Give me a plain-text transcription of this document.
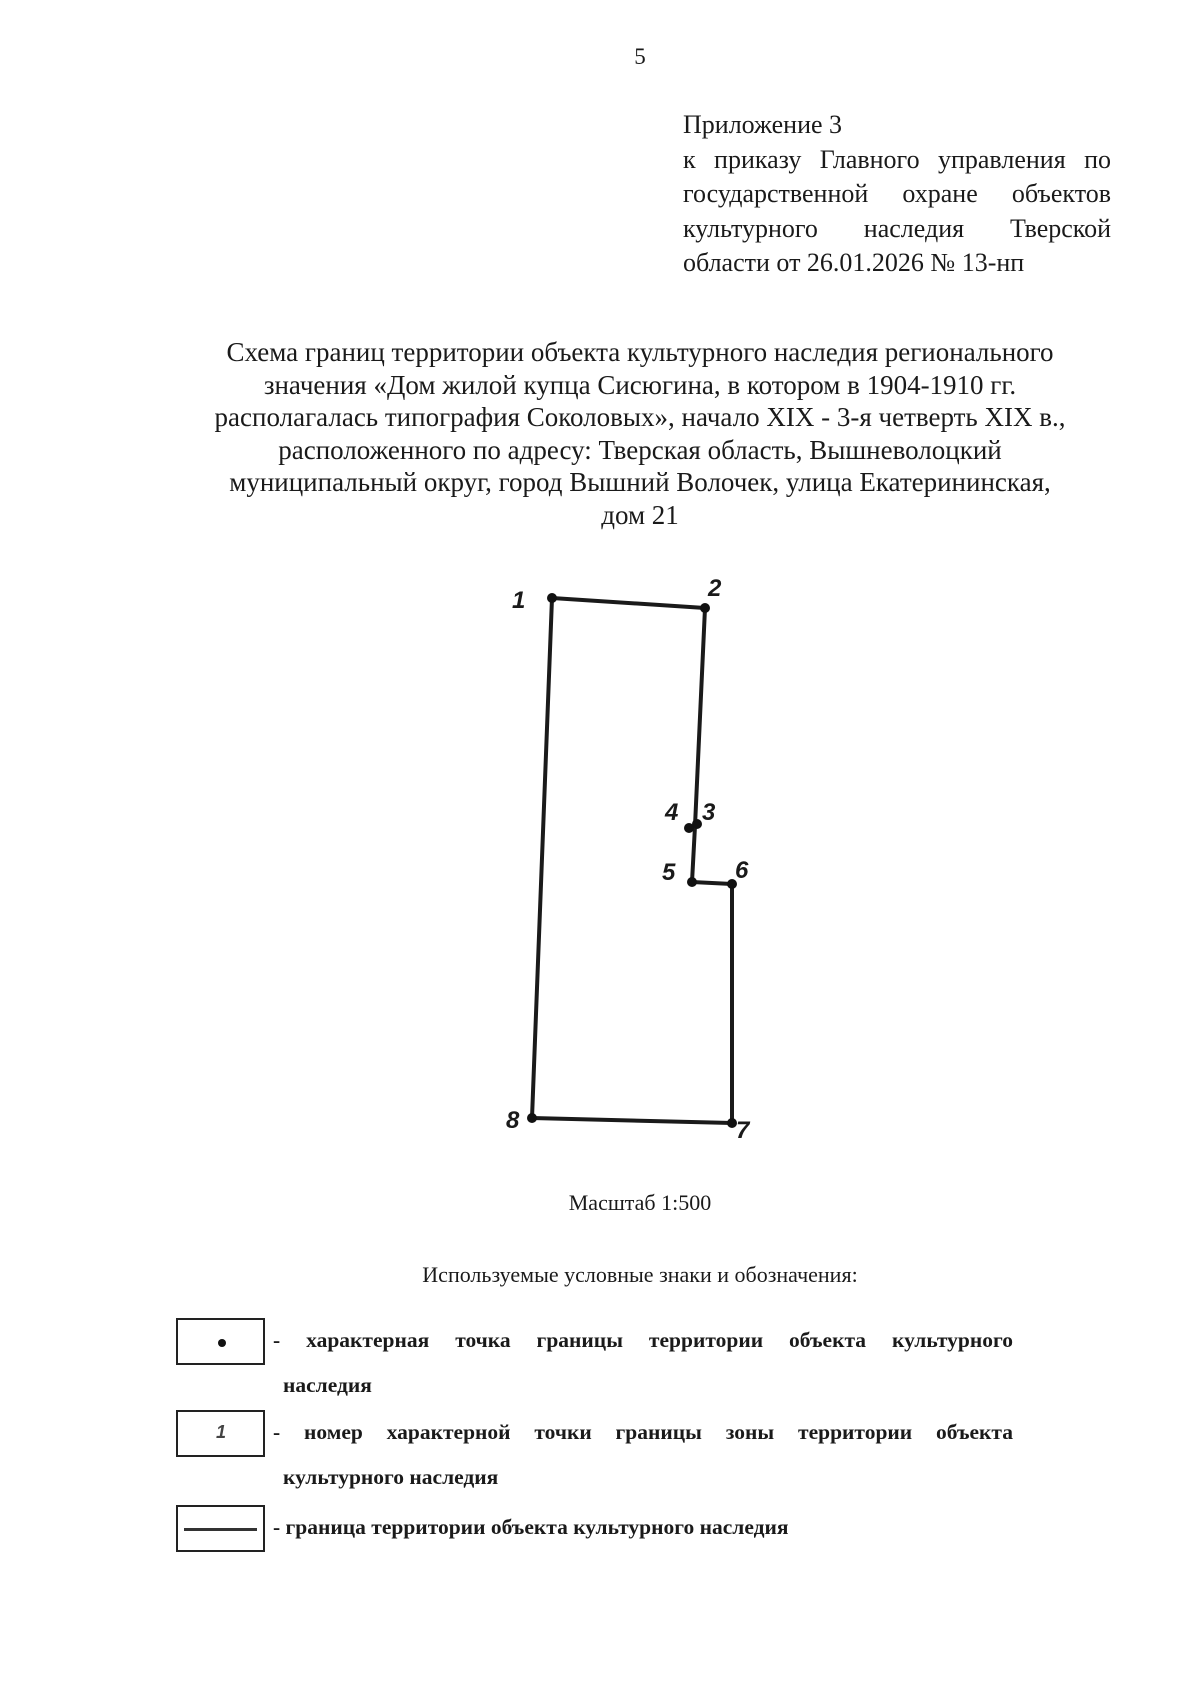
5
Приложение 3
к приказу Главного управления по
государственной охране объектов
культурного наследия Тверской
области от 26.01.2026 № 13-нп
Схема границ территории объекта культурного наследия регионального
значения «Дом жилой купца Сисюгина, в котором в 1904-1910 гг.
располагалась типография Соколовых», начало XIX - 3-я четверть XIX в.,
расположенного по адресу: Тверская область, Вышневолоцкий
муниципальный округ, город Вышний Волочек, улица Екатерининская,
дом 21
1	2
3
4
5 6
7
8
Масштаб 1:500
Используемые условные знаки и обозначения:
- характерная точка границы территории объекта культурного
наследия
1 - номер характерной точки границы зоны территории объекта
культурного наследия
- граница территории объекта культурного наследия
